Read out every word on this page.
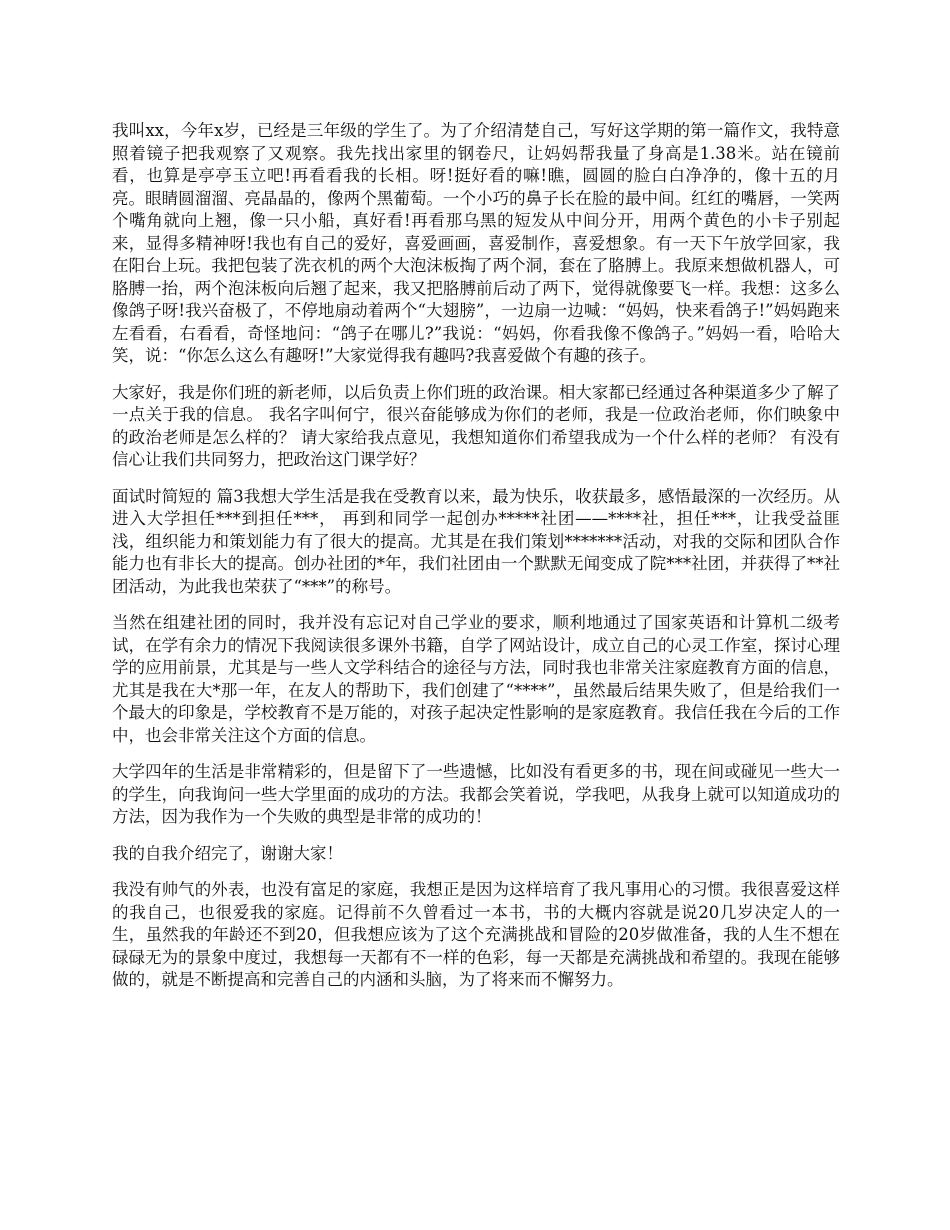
我叫xx，今年x岁，已经是三年级的学生了。为了介绍清楚自己，写好这学期的第一篇作文，我特意照着镜子把我观察了又观察。我先找出家里的钢卷尺，让妈妈帮我量了身高是1.38米。站在镜前看，也算是亭亭玉立吧!再看看我的长相。呀!挺好看的嘛!瞧，圆圆的脸白白净净的，像十五的月亮。眼睛圆溜溜、亮晶晶的，像两个黑葡萄。一个小巧的鼻子长在脸的最中间。红红的嘴唇，一笑两个嘴角就向上翘，像一只小船，真好看!再看那乌黑的短发从中间分开，用两个黄色的小卡子别起来，显得多精神呀!我也有自己的爱好，喜爱画画，喜爱制作，喜爱想象。有一天下午放学回家，我在阳台上玩。我把包装了洗衣机的两个大泡沫板掏了两个洞，套在了胳膊上。我原来想做机器人，可胳膊一抬，两个泡沫板向后翘了起来，我又把胳膊前后动了两下，觉得就像要飞一样。我想：这多么像鸽子呀!我兴奋极了，不停地扇动着两个“大翅膀”，一边扇一边喊：“妈妈，快来看鸽子!”妈妈跑来左看看，右看看，奇怪地问：“鸽子在哪儿?”我说：“妈妈，你看我像不像鸽子。”妈妈一看，哈哈大笑，说：“你怎么这么有趣呀!”大家觉得我有趣吗?我喜爱做个有趣的孩子。

大家好，我是你们班的新老师，以后负责上你们班的政治课。相大家都已经通过各种渠道多少了解了一点关于我的信息。 我名字叫何宁，很兴奋能够成为你们的老师，我是一位政治老师，你们映象中的政治老师是怎么样的？ 请大家给我点意见，我想知道你们希望我成为一个什么样的老师？ 有没有信心让我们共同努力，把政治这门课学好？

面试时简短的 篇3我想大学生活是我在受教育以来，最为快乐，收获最多，感悟最深的一次经历。从进入大学担任***到担任***， 再到和同学一起创办*****社团——****社，担任***，让我受益匪浅，组织能力和策划能力有了很大的提高。尤其是在我们策划*******活动，对我的交际和团队合作能力也有非长大的提高。创办社团的*年，我们社团由一个默默无闻变成了院***社团，并获得了**社团活动，为此我也荣获了“***”的称号。

当然在组建社团的同时，我并没有忘记对自己学业的要求，顺利地通过了国家英语和计算机二级考试，在学有余力的情况下我阅读很多课外书籍，自学了网站设计，成立自己的心灵工作室，探讨心理学的应用前景，尤其是与一些人文学科结合的途径与方法，同时我也非常关注家庭教育方面的信息，尤其是我在大*那一年，在友人的帮助下，我们创建了“****”，虽然最后结果失败了，但是给我们一个最大的印象是，学校教育不是万能的，对孩子起决定性影响的是家庭教育。我信任我在今后的工作中，也会非常关注这个方面的信息。

大学四年的生活是非常精彩的，但是留下了一些遗憾，比如没有看更多的书，现在间或碰见一些大一的学生，向我询问一些大学里面的成功的方法。我都会笑着说，学我吧，从我身上就可以知道成功的方法，因为我作为一个失败的典型是非常的成功的！

我的自我介绍完了，谢谢大家！

我没有帅气的外表，也没有富足的家庭，我想正是因为这样培育了我凡事用心的习惯。我很喜爱这样的我自己，也很爱我的家庭。记得前不久曾看过一本书，书的大概内容就是说20几岁决定人的一生，虽然我的年龄还不到20，但我想应该为了这个充满挑战和冒险的20岁做准备，我的人生不想在碌碌无为的景象中度过，我想每一天都有不一样的色彩，每一天都是充满挑战和希望的。我现在能够做的，就是不断提高和完善自己的内涵和头脑，为了将来而不懈努力。
